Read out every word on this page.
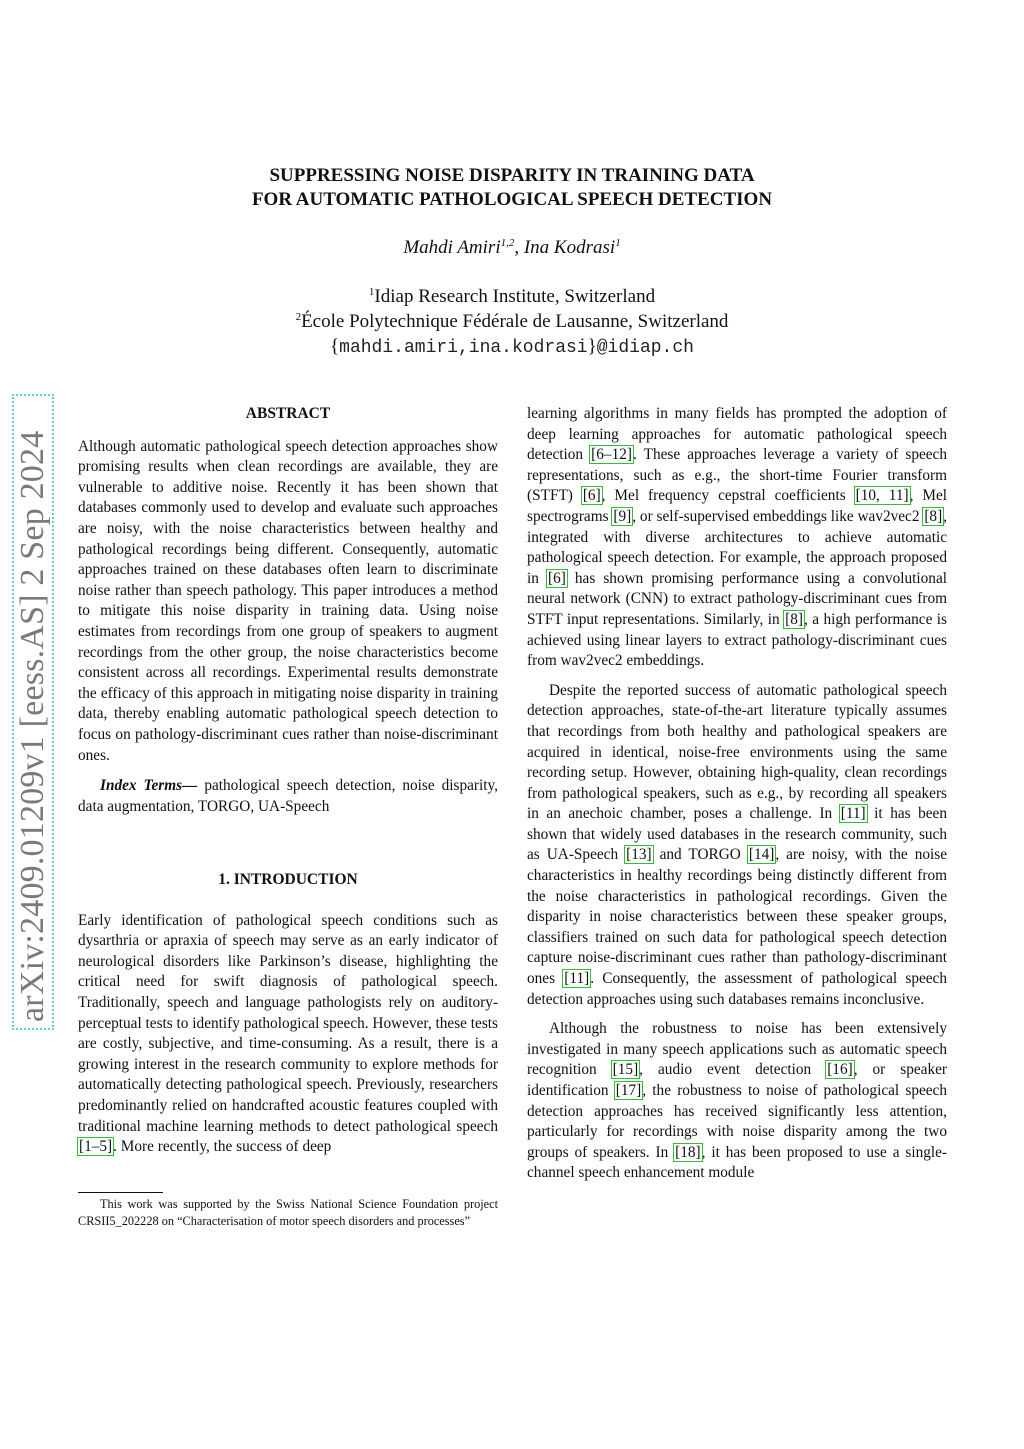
SUPPRESSING NOISE DISPARITY IN TRAINING DATA
FOR AUTOMATIC PATHOLOGICAL SPEECH DETECTION
Mahdi Amiri$^{1,2}$, Ina Kodrasi$^1$
$^1$Idiap Research Institute, Switzerland
$^2$École Polytechnique Fédérale de Lausanne, Switzerland
{mahdi.amiri,ina.kodrasi}@idiap.ch
arXiv:2409.01209v1 [eess.AS] 2 Sep 2024

ABSTRACT

Although automatic pathological speech detection approaches show promising results when clean recordings are available, they are vulnerable to additive noise. Recently it has been shown that databases commonly used to develop and evaluate such approaches are noisy, with the noise characteristics between healthy and pathological recordings being different. Consequently, automatic approaches trained on these databases often learn to discriminate noise rather than speech pathology. This paper introduces a method to mitigate this noise disparity in training data. Using noise estimates from recordings from one group of speakers to augment recordings from the other group, the noise characteristics become consistent across all recordings. Experimental results demonstrate the efficacy of this approach in mitigating noise disparity in training data, thereby enabling automatic pathological speech detection to focus on pathology-discriminant cues rather than noise-discriminant ones.

Index Terms— pathological speech detection, noise disparity, data augmentation, TORGO, UA-Speech

1. INTRODUCTION

Early identification of pathological speech conditions such as dysarthria or apraxia of speech may serve as an early indicator of neurological disorders like Parkinson’s disease, highlighting the critical need for swift diagnosis of pathological speech. Traditionally, speech and language pathologists rely on auditory-perceptual tests to identify pathological speech. However, these tests are costly, subjective, and time-consuming. As a result, there is a growing interest in the research community to explore methods for automatically detecting pathological speech. Previously, researchers predominantly relied on handcrafted acoustic features coupled with traditional machine learning methods to detect pathological speech [1–5]. More recently, the success of deep

This work was supported by the Swiss National Science Foundation project CRSII5_202228 on “Characterisation of motor speech disorders and processes”

learning algorithms in many fields has prompted the adoption of deep learning approaches for automatic pathological speech detection [6–12]. These approaches leverage a variety of speech representations, such as e.g., the short-time Fourier transform (STFT) [6], Mel frequency cepstral coefficients [10, 11], Mel spectrograms [9], or self-supervised embeddings like wav2vec2 [8], integrated with diverse architectures to achieve automatic pathological speech detection. For example, the approach proposed in [6] has shown promising performance using a convolutional neural network (CNN) to extract pathology-discriminant cues from STFT input representations. Similarly, in [8], a high performance is achieved using linear layers to extract pathology-discriminant cues from wav2vec2 embeddings.

Despite the reported success of automatic pathological speech detection approaches, state-of-the-art literature typically assumes that recordings from both healthy and pathological speakers are acquired in identical, noise-free environments using the same recording setup. However, obtaining high-quality, clean recordings from pathological speakers, such as e.g., by recording all speakers in an anechoic chamber, poses a challenge. In [11] it has been shown that widely used databases in the research community, such as UA-Speech [13] and TORGO [14], are noisy, with the noise characteristics in healthy recordings being distinctly different from the noise characteristics in pathological recordings. Given the disparity in noise characteristics between these speaker groups, classifiers trained on such data for pathological speech detection capture noise-discriminant cues rather than pathology-discriminant ones [11]. Consequently, the assessment of pathological speech detection approaches using such databases remains inconclusive.

Although the robustness to noise has been extensively investigated in many speech applications such as automatic speech recognition [15], audio event detection [16], or speaker identification [17], the robustness to noise of pathological speech detection approaches has received significantly less attention, particularly for recordings with noise disparity among the two groups of speakers. In [18], it has been proposed to use a single-channel speech enhancement module
